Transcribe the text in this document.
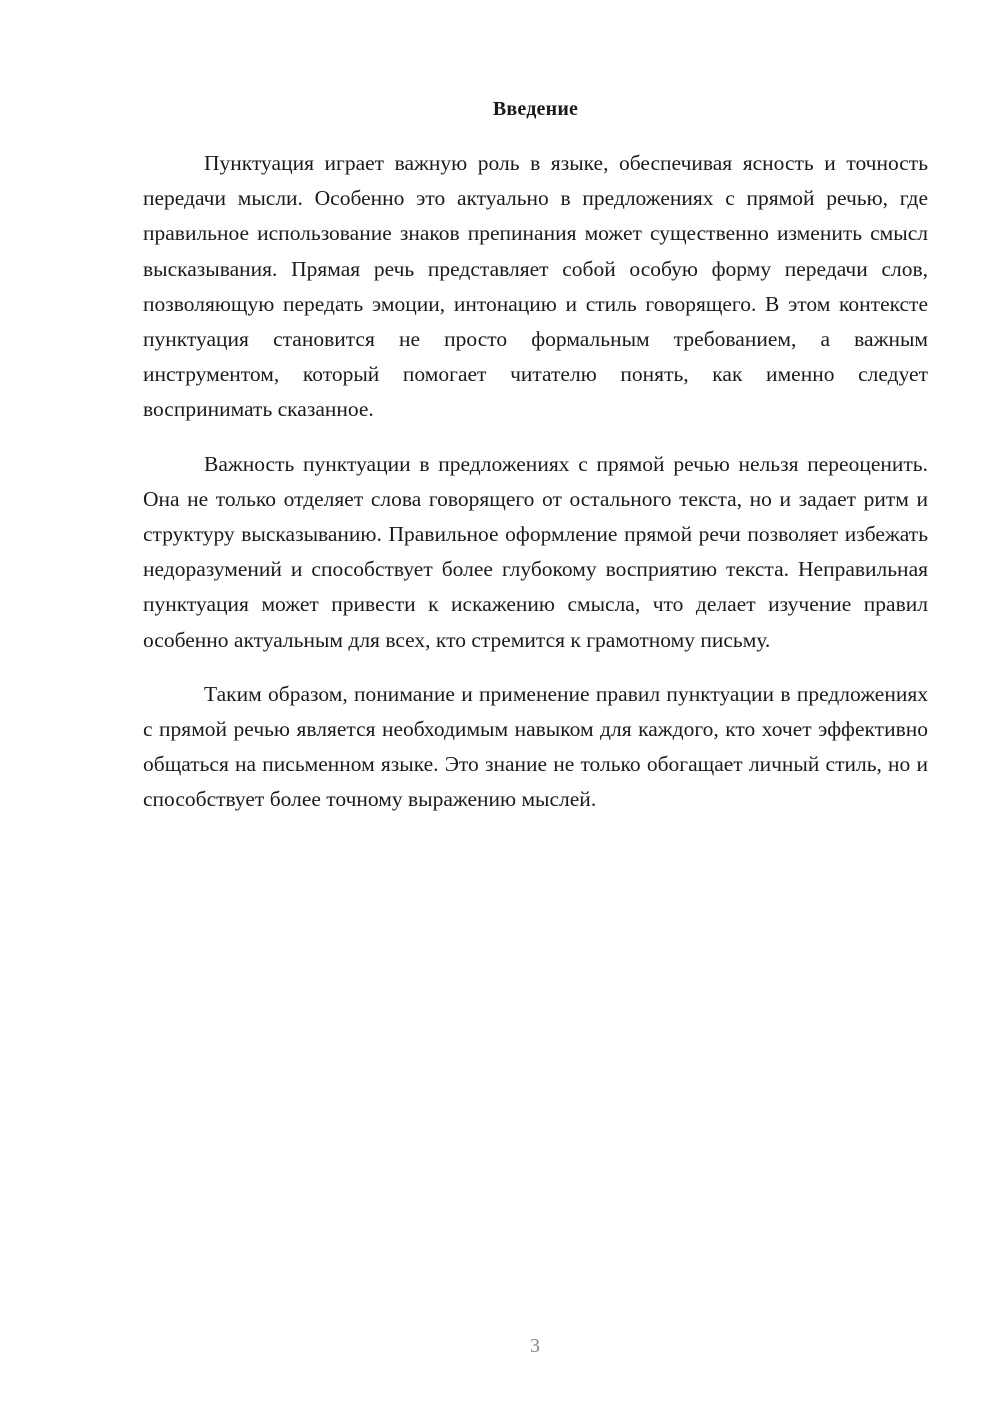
Введение

Пунктуация играет важную роль в языке, обеспечивая ясность и точность передачи мысли. Особенно это актуально в предложениях с прямой речью, где правильное использование знаков препинания может существенно изменить смысл высказывания. Прямая речь представляет собой особую форму передачи слов, позволяющую передать эмоции, интонацию и стиль говорящего. В этом контексте пунктуация становится не просто формальным требованием, а важным инструментом, который помогает читателю понять, как именно следует воспринимать сказанное.

Важность пунктуации в предложениях с прямой речью нельзя переоценить. Она не только отделяет слова говорящего от остального текста, но и задает ритм и структуру высказыванию. Правильное оформление прямой речи позволяет избежать недоразумений и способствует более глубокому восприятию текста. Неправильная пунктуация может привести к искажению смысла, что делает изучение правил особенно актуальным для всех, кто стремится к грамотному письму.

Таким образом, понимание и применение правил пунктуации в предложениях с прямой речью является необходимым навыком для каждого, кто хочет эффективно общаться на письменном языке. Это знание не только обогащает личный стиль, но и способствует более точному выражению мыслей.

3
